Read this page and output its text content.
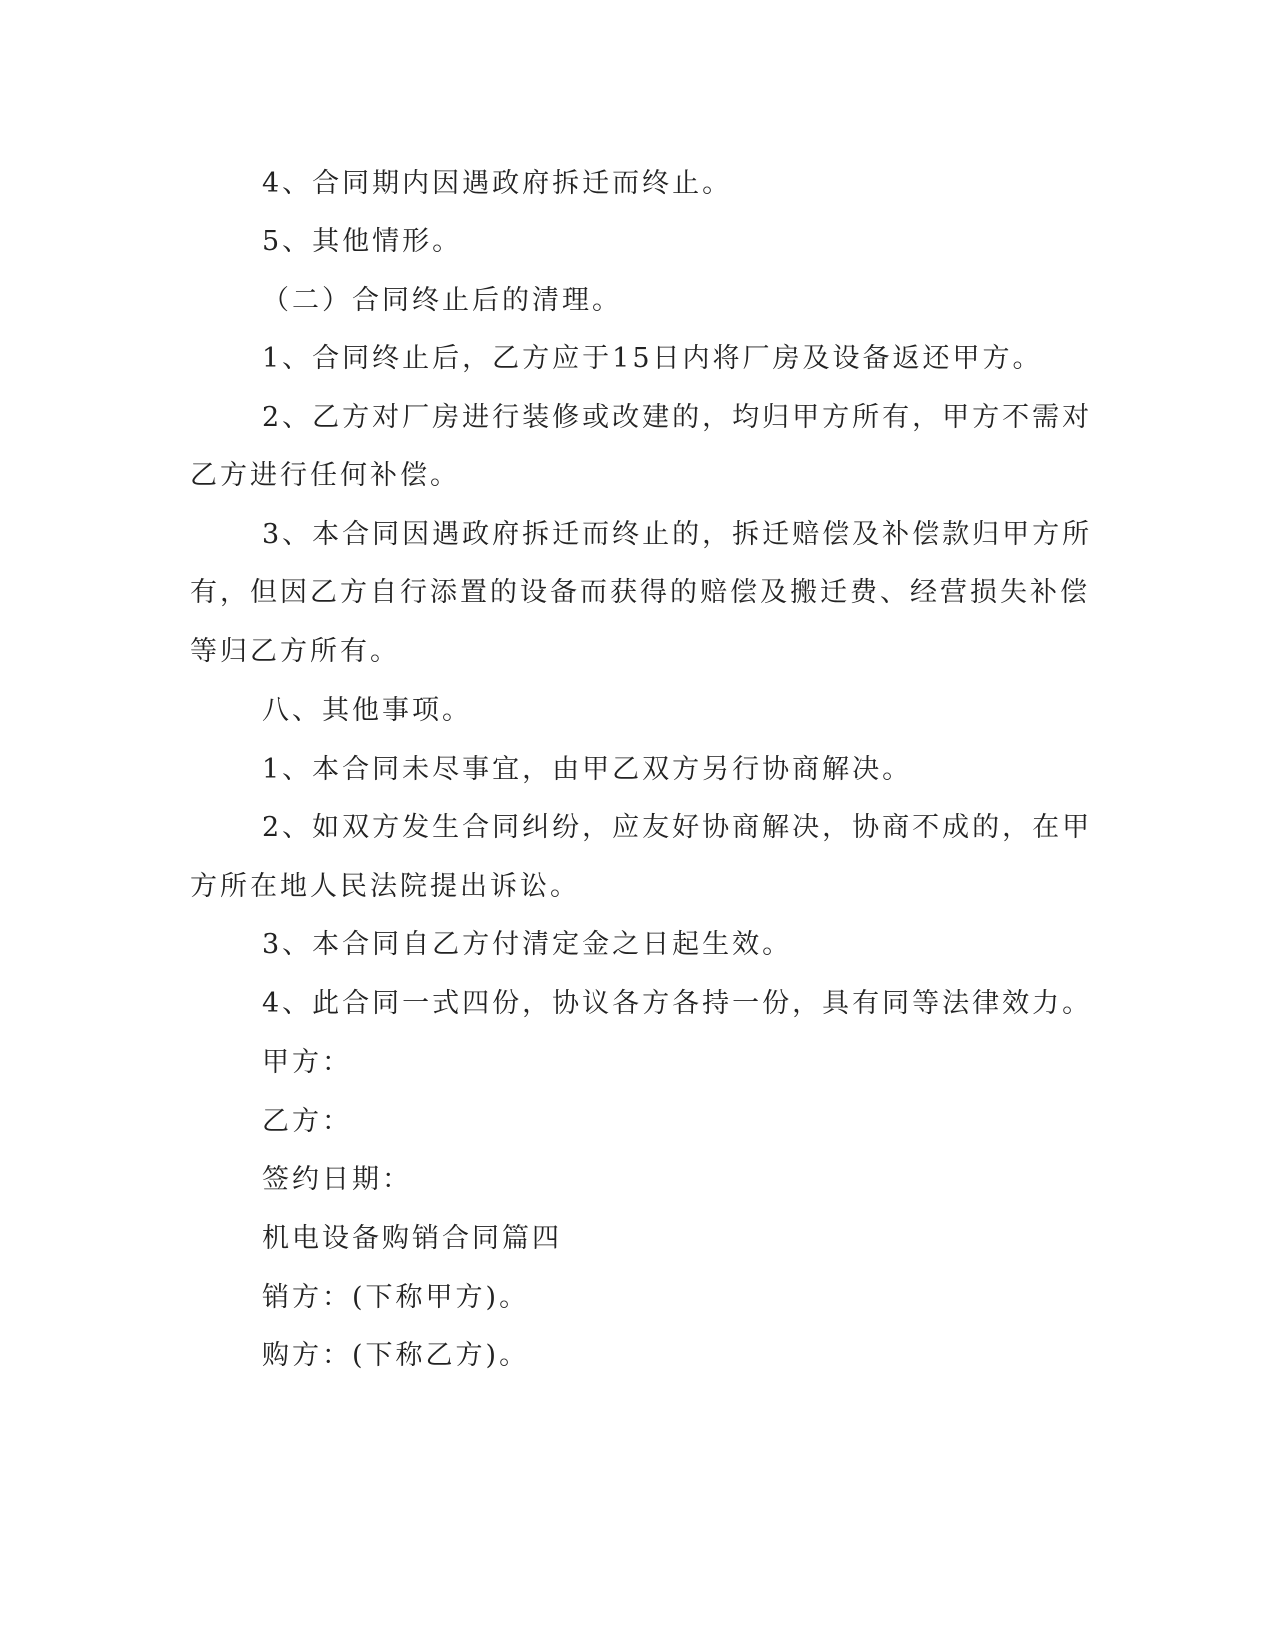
4、合同期内因遇政府拆迁而终止。

5、其他情形。

（二）合同终止后的清理。

1、合同终止后，乙方应于15日内将厂房及设备返还甲方。

2、乙方对厂房进行装修或改建的，均归甲方所有，甲方不需对

乙方进行任何补偿。

3、本合同因遇政府拆迁而终止的，拆迁赔偿及补偿款归甲方所

有，但因乙方自行添置的设备而获得的赔偿及搬迁费、经营损失补偿

等归乙方所有。

八、其他事项。

1、本合同未尽事宜，由甲乙双方另行协商解决。

2、如双方发生合同纠纷，应友好协商解决，协商不成的，在甲

方所在地人民法院提出诉讼。

3、本合同自乙方付清定金之日起生效。

4、此合同一式四份，协议各方各持一份，具有同等法律效力。

甲方：

乙方：

签约日期：

机电设备购销合同篇四

销方：(下称甲方)。

购方：(下称乙方)。
